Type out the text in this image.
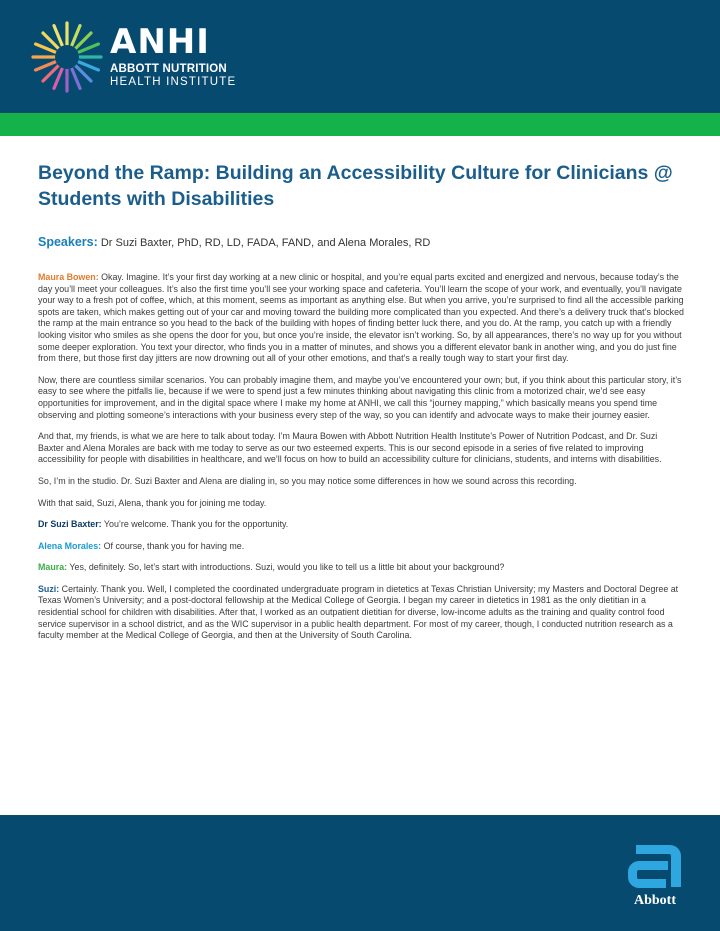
ANHI
ABBOTT NUTRITION
HEALTH INSTITUTE
Beyond the Ramp: Building an Accessibility Culture for Clinicians @ Students with Disabilities
Speakers: Dr Suzi Baxter, PhD, RD, LD, FADA, FAND, and Alena Morales, RD

Maura Bowen: Okay. Imagine. It’s your first day working at a new clinic or hospital, and you’re equal parts excited and energized and nervous, because today’s the day you’ll meet your colleagues. It’s also the first time you’ll see your working space and cafeteria. You’ll learn the scope of your work, and eventually, you’ll navigate your way to a fresh pot of coffee, which, at this moment, seems as important as anything else. But when you arrive, you’re surprised to find all the accessible parking spots are taken, which makes getting out of your car and moving toward the building more complicated than you expected. And there’s a delivery truck that’s blocked the ramp at the main entrance so you head to the back of the building with hopes of finding better luck there, and you do. At the ramp, you catch up with a friendly looking visitor who smiles as she opens the door for you, but once you’re inside, the elevator isn’t working. So, by all appearances, there’s no way up for you without some deeper exploration. You text your director, who finds you in a matter of minutes, and shows you a different elevator bank in another wing, and you do just fine from there, but those first day jitters are now drowning out all of your other emotions, and that’s a really tough way to start your first day.

Now, there are countless similar scenarios. You can probably imagine them, and maybe you’ve encountered your own; but, if you think about this particular story, it’s easy to see where the pitfalls lie, because if we were to spend just a few minutes thinking about navigating this clinic from a motorized chair, we’d see easy opportunities for improvement, and in the digital space where I make my home at ANHI, we call this “journey mapping,” which basically means you spend time observing and plotting someone’s interactions with your business every step of the way, so you can identify and advocate ways to make their journey easier.

And that, my friends, is what we are here to talk about today. I’m Maura Bowen with Abbott Nutrition Health Institute’s Power of Nutrition Podcast, and Dr. Suzi Baxter and Alena Morales are back with me today to serve as our two esteemed experts. This is our second episode in a series of five related to improving accessibility for people with disabilities in healthcare, and we’ll focus on how to build an accessibility culture for clinicians, students, and interns with disabilities.

So, I’m in the studio. Dr. Suzi Baxter and Alena are dialing in, so you may notice some differences in how we sound across this recording.

With that said, Suzi, Alena, thank you for joining me today.

Dr Suzi Baxter: You’re welcome. Thank you for the opportunity.

Alena Morales: Of course, thank you for having me.

Maura: Yes, definitely. So, let’s start with introductions. Suzi, would you like to tell us a little bit about your background?

Suzi: Certainly. Thank you. Well, I completed the coordinated undergraduate program in dietetics at Texas Christian University; my Masters and Doctoral Degree at Texas Women’s University; and a post-doctoral fellowship at the Medical College of Georgia. I began my career in dietetics in 1981 as the only dietitian in a residential school for children with disabilities. After that, I worked as an outpatient dietitian for diverse, low-income adults as the training and quality control food service supervisor in a school district, and as the WIC supervisor in a public health department. For most of my career, though, I conducted nutrition research as a faculty member at the Medical College of Georgia, and then at the University of South Carolina.

Abbott
